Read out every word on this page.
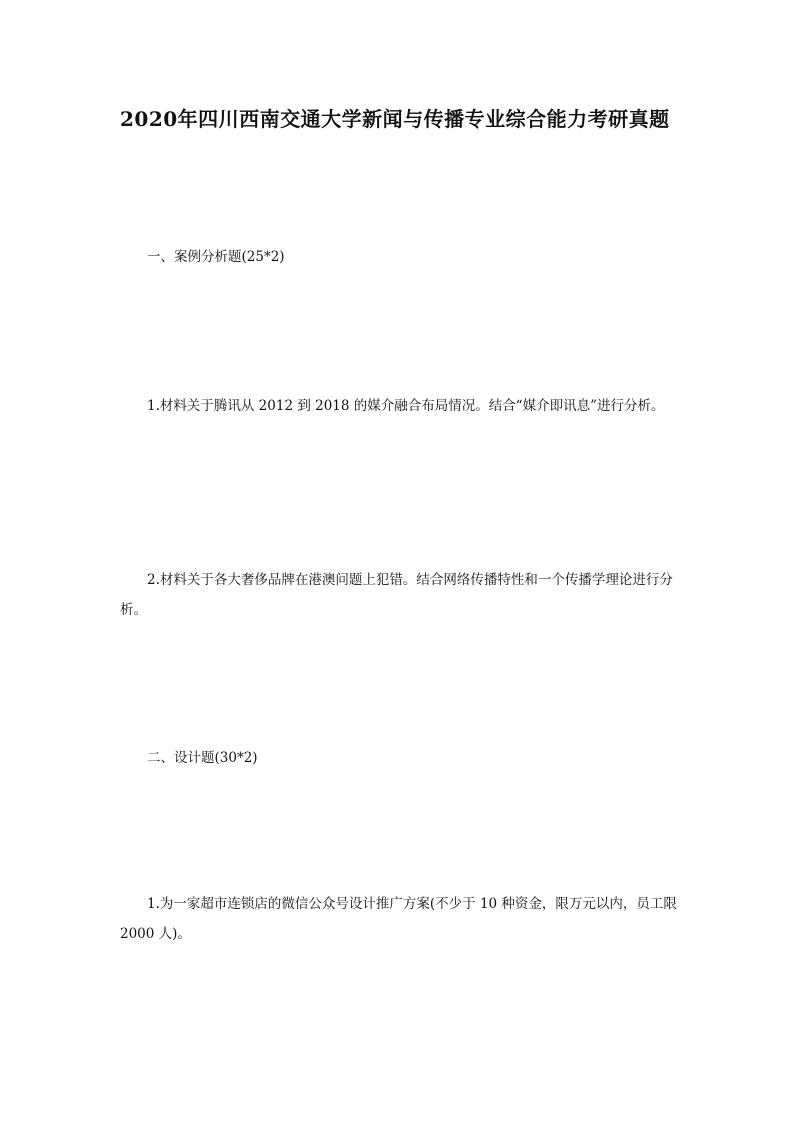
2020年四川西南交通大学新闻与传播专业综合能力考研真题
一、案例分析题(25*2)
1.材料关于腾讯从 2012 到 2018 的媒介融合布局情况。结合“媒介即讯息”进行分析。
2.材料关于各大奢侈品牌在港澳问题上犯错。结合网络传播特性和一个传播学理论进行分析。
二、设计题(30*2)
1.为一家超市连锁店的微信公众号设计推广方案(不少于 10 种资金，限万元以内，员工限 2000 人)。
